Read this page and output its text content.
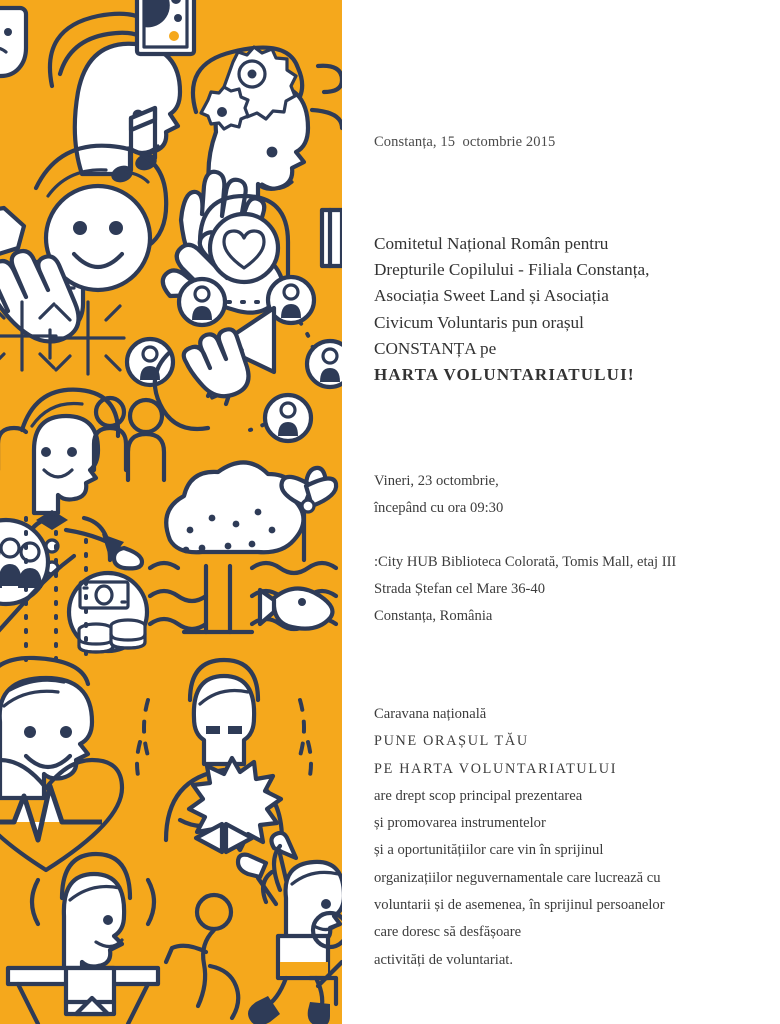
Constanța, 15  octombrie 2015
Comitetul Național Român pentru
Drepturile Copilului - Filiala Constanța,
Asociația Sweet Land și Asociația
Civicum Voluntaris pun orașul
CONSTANȚA pe
HARTA VOLUNTARIATULUI!
Vineri, 23 octombrie,
începând cu ora 09:30
:City HUB Biblioteca Colorată, Tomis Mall, etaj III
Strada Ștefan cel Mare 36-40
Constanța, România
Caravana națională
PUNE ORAȘUL TĂU
PE HARTA VOLUNTARIATULUI
are drept scop principal prezentarea
și promovarea instrumentelor
și a oportunitățiilor care vin în sprijinul
organizațiilor neguvernamentale care lucrează cu
voluntarii și de asemenea, în sprijinul persoanelor
care doresc să desfășoare
activități de voluntariat.
